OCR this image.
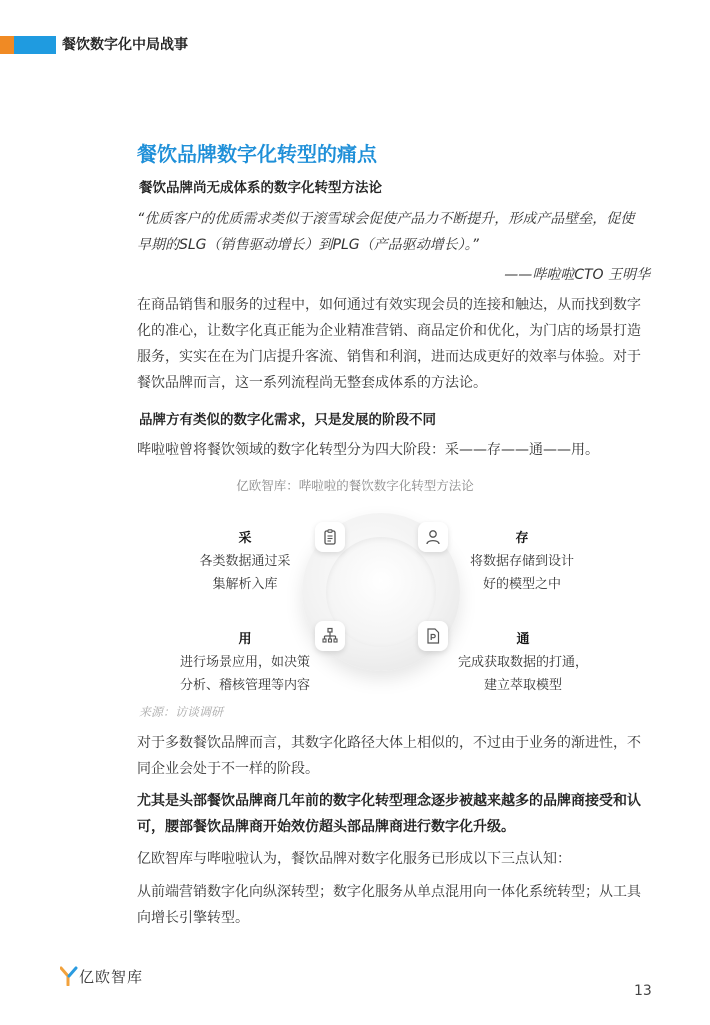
餐饮数字化中局战事
餐饮品牌数字化转型的痛点
餐饮品牌尚无成体系的数字化转型方法论
“优质客户的优质需求类似于滚雪球会促使产品力不断提升，形成产品壁垒，促使早期的SLG（销售驱动增长）到PLG（产品驱动增长）。”
——哔啦啦CTO 王明华
在商品销售和服务的过程中，如何通过有效实现会员的连接和触达，从而找到数字化的准心，让数字化真正能为企业精准营销、商品定价和优化，为门店的场景打造服务，实实在在为门店提升客流、销售和利润，进而达成更好的效率与体验。对于餐饮品牌而言，这一系列流程尚无整套成体系的方法论。
品牌方有类似的数字化需求，只是发展的阶段不同
哔啦啦曾将餐饮领域的数字化转型分为四大阶段：采——存——通——用。
亿欧智库：哔啦啦的餐饮数字化转型方法论
采
各类数据通过采
集解析入库
存
将数据存储到设计
好的模型之中
用
进行场景应用，如决策
分析、稽核管理等内容
通
完成获取数据的打通，
建立萃取模型
来源：访谈调研
对于多数餐饮品牌而言，其数字化路径大体上相似的，不过由于业务的渐进性，不同企业会处于不一样的阶段。
尤其是头部餐饮品牌商几年前的数字化转型理念逐步被越来越多的品牌商接受和认可，腰部餐饮品牌商开始效仿超头部品牌商进行数字化升级。
亿欧智库与哔啦啦认为，餐饮品牌对数字化服务已形成以下三点认知：
从前端营销数字化向纵深转型；数字化服务从单点混用向一体化系统转型；从工具向增长引擎转型。
亿欧智库
13
